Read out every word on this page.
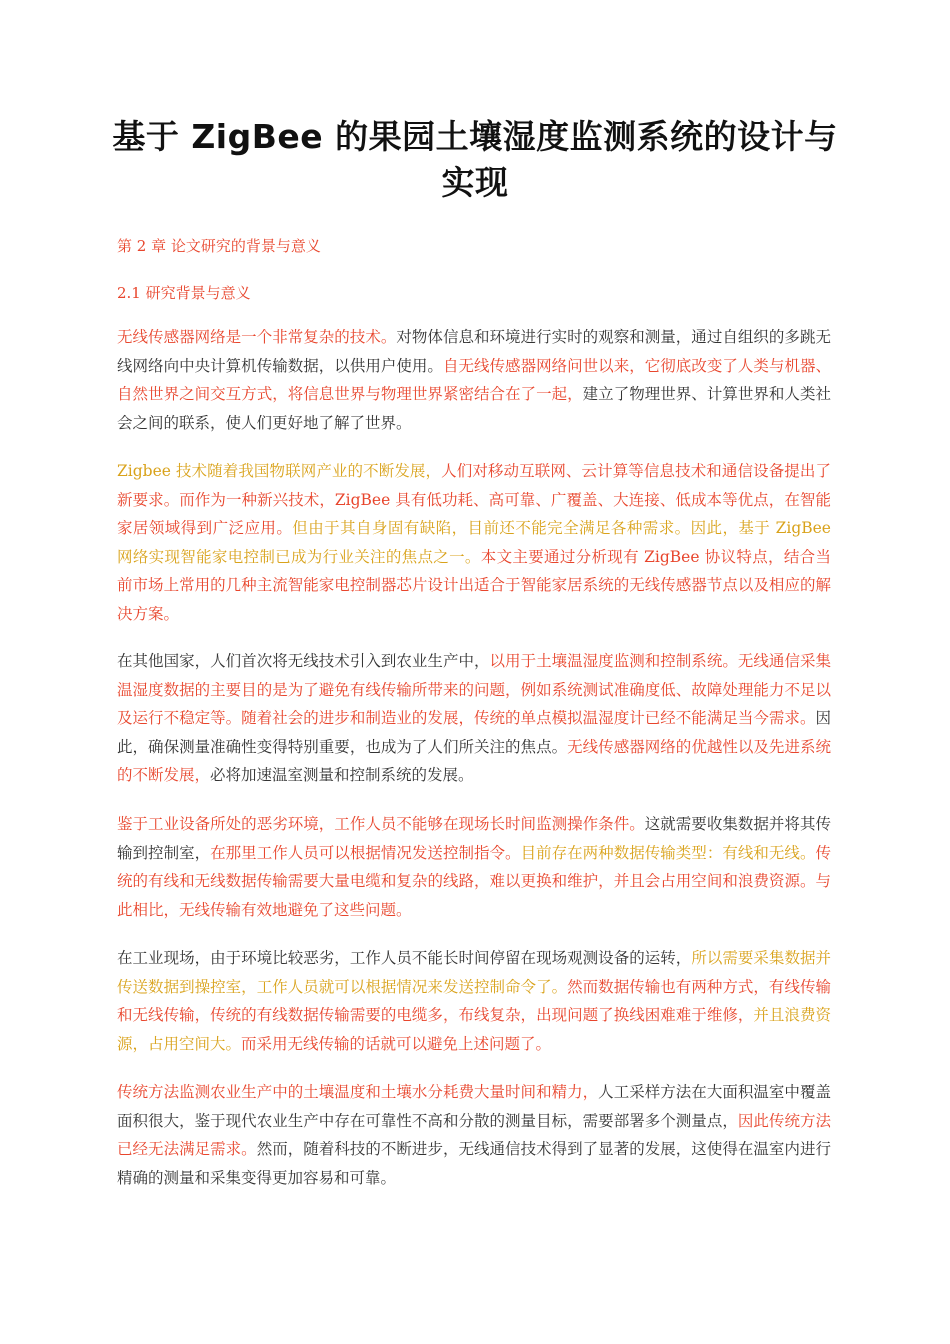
基于 ZigBee 的果园土壤湿度监测系统的设计与实现

第 2 章 论文研究的背景与意义

2.1 研究背景与意义

无线传感器网络是一个非常复杂的技术。对物体信息和环境进行实时的观察和测量，通过自组织的多跳无线网络向中央计算机传输数据，以供用户使用。自无线传感器网络问世以来，它彻底改变了人类与机器、自然世界之间交互方式，将信息世界与物理世界紧密结合在了一起，建立了物理世界、计算世界和人类社会之间的联系，使人们更好地了解了世界。

Zigbee 技术随着我国物联网产业的不断发展，人们对移动互联网、云计算等信息技术和通信设备提出了新要求。而作为一种新兴技术，ZigBee 具有低功耗、高可靠、广覆盖、大连接、低成本等优点，在智能家居领域得到广泛应用。但由于其自身固有缺陷，目前还不能完全满足各种需求。因此，基于 ZigBee 网络实现智能家电控制已成为行业关注的焦点之一。本文主要通过分析现有 ZigBee 协议特点，结合当前市场上常用的几种主流智能家电控制器芯片设计出适合于智能家居系统的无线传感器节点以及相应的解决方案。

在其他国家，人们首次将无线技术引入到农业生产中，以用于土壤温湿度监测和控制系统。无线通信采集温湿度数据的主要目的是为了避免有线传输所带来的问题，例如系统测试准确度低、故障处理能力不足以及运行不稳定等。随着社会的进步和制造业的发展，传统的单点模拟温湿度计已经不能满足当今需求。因此，确保测量准确性变得特别重要，也成为了人们所关注的焦点。无线传感器网络的优越性以及先进系统的不断发展，必将加速温室测量和控制系统的发展。

鉴于工业设备所处的恶劣环境，工作人员不能够在现场长时间监测操作条件。这就需要收集数据并将其传输到控制室，在那里工作人员可以根据情况发送控制指令。目前存在两种数据传输类型：有线和无线。传统的有线和无线数据传输需要大量电缆和复杂的线路，难以更换和维护，并且会占用空间和浪费资源。与此相比，无线传输有效地避免了这些问题。

在工业现场，由于环境比较恶劣，工作人员不能长时间停留在现场观测设备的运转，所以需要采集数据并传送数据到操控室，工作人员就可以根据情况来发送控制命令了。然而数据传输也有两种方式，有线传输和无线传输，传统的有线数据传输需要的电缆多，布线复杂，出现问题了换线困难难于维修，并且浪费资源，占用空间大。而采用无线传输的话就可以避免上述问题了。

传统方法监测农业生产中的土壤温度和土壤水分耗费大量时间和精力，人工采样方法在大面积温室中覆盖面积很大，鉴于现代农业生产中存在可靠性不高和分散的测量目标，需要部署多个测量点，因此传统方法已经无法满足需求。然而，随着科技的不断进步，无线通信技术得到了显著的发展，这使得在温室内进行精确的测量和采集变得更加容易和可靠。
